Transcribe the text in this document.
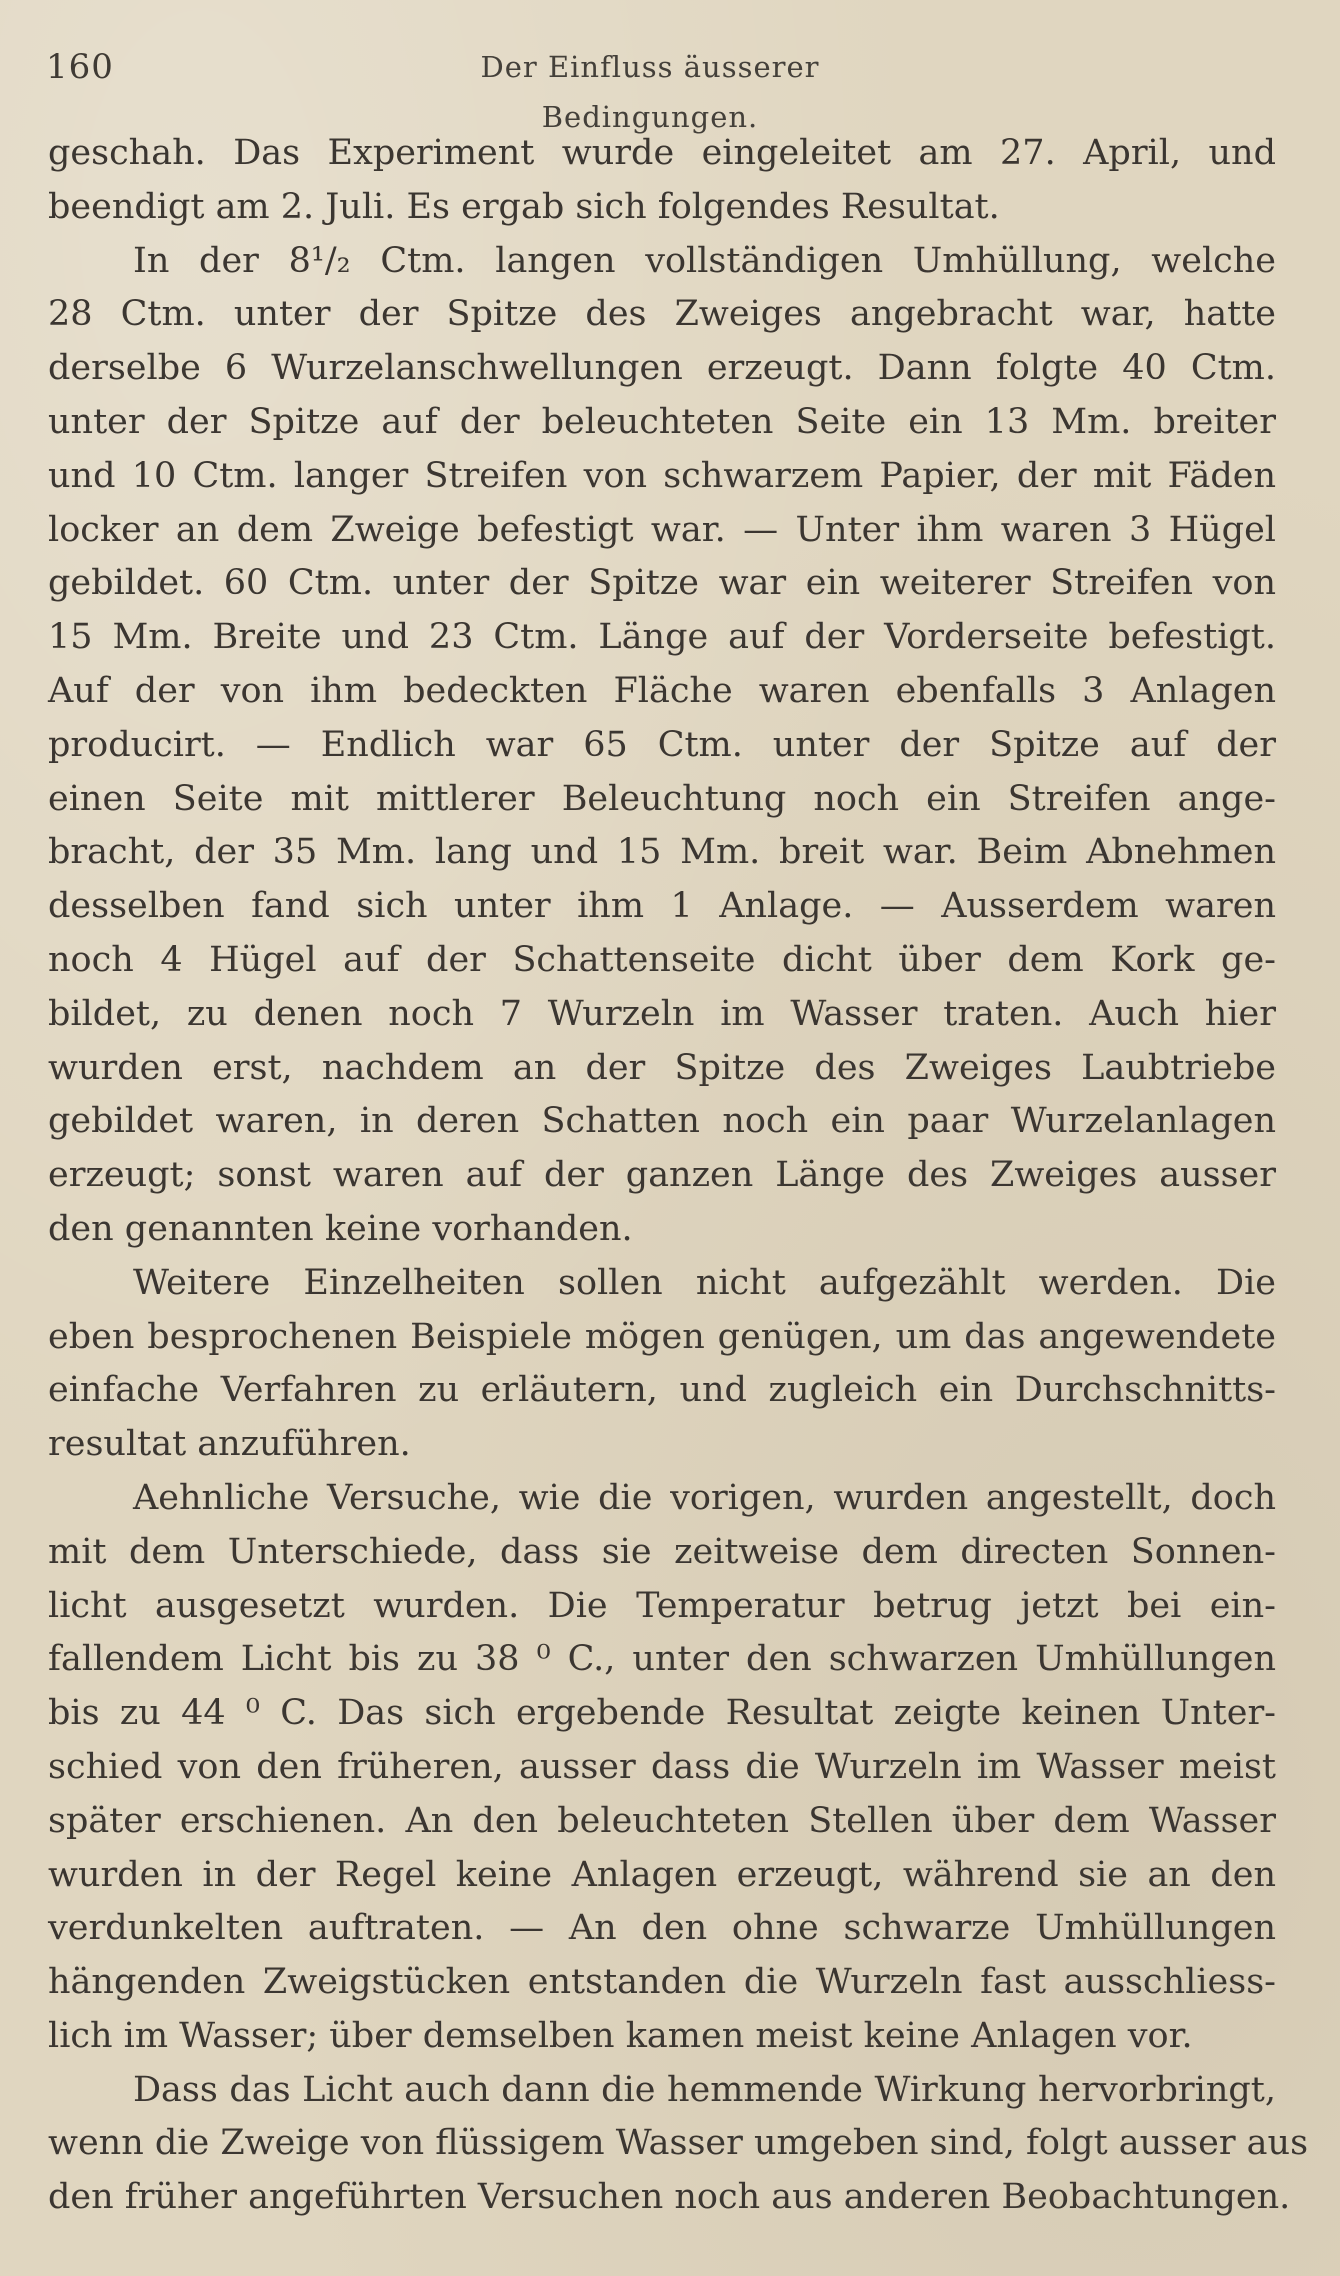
160	Der Einfluss äusserer Bedingungen.
geschah. Das Experiment wurde eingeleitet am 27. April, und
beendigt am 2. Juli. Es ergab sich folgendes Resultat.
In der 8¹/₂ Ctm. langen vollständigen Umhüllung, welche
28 Ctm. unter der Spitze des Zweiges angebracht war, hatte
derselbe 6 Wurzelanschwellungen erzeugt. Dann folgte 40 Ctm.
unter der Spitze auf der beleuchteten Seite ein 13 Mm. breiter
und 10 Ctm. langer Streifen von schwarzem Papier, der mit Fäden
locker an dem Zweige befestigt war. — Unter ihm waren 3 Hügel
gebildet. 60 Ctm. unter der Spitze war ein weiterer Streifen von
15 Mm. Breite und 23 Ctm. Länge auf der Vorderseite befestigt.
Auf der von ihm bedeckten Fläche waren ebenfalls 3 Anlagen
producirt. — Endlich war 65 Ctm. unter der Spitze auf der
einen Seite mit mittlerer Beleuchtung noch ein Streifen ange-
bracht, der 35 Mm. lang und 15 Mm. breit war. Beim Abnehmen
desselben fand sich unter ihm 1 Anlage. — Ausserdem waren
noch 4 Hügel auf der Schattenseite dicht über dem Kork ge-
bildet, zu denen noch 7 Wurzeln im Wasser traten. Auch hier
wurden erst, nachdem an der Spitze des Zweiges Laubtriebe
gebildet waren, in deren Schatten noch ein paar Wurzelanlagen
erzeugt; sonst waren auf der ganzen Länge des Zweiges ausser
den genannten keine vorhanden.
Weitere Einzelheiten sollen nicht aufgezählt werden. Die
eben besprochenen Beispiele mögen genügen, um das angewendete
einfache Verfahren zu erläutern, und zugleich ein Durchschnitts-
resultat anzuführen.
Aehnliche Versuche, wie die vorigen, wurden angestellt, doch
mit dem Unterschiede, dass sie zeitweise dem directen Sonnen-
licht ausgesetzt wurden. Die Temperatur betrug jetzt bei ein-
fallendem Licht bis zu 38 ⁰ C., unter den schwarzen Umhüllungen
bis zu 44 ⁰ C. Das sich ergebende Resultat zeigte keinen Unter-
schied von den früheren, ausser dass die Wurzeln im Wasser meist
später erschienen. An den beleuchteten Stellen über dem Wasser
wurden in der Regel keine Anlagen erzeugt, während sie an den
verdunkelten auftraten. — An den ohne schwarze Umhüllungen
hängenden Zweigstücken entstanden die Wurzeln fast ausschliess-
lich im Wasser; über demselben kamen meist keine Anlagen vor.
Dass das Licht auch dann die hemmende Wirkung hervorbringt,
wenn die Zweige von flüssigem Wasser umgeben sind, folgt ausser aus
den früher angeführten Versuchen noch aus anderen Beobachtungen.
